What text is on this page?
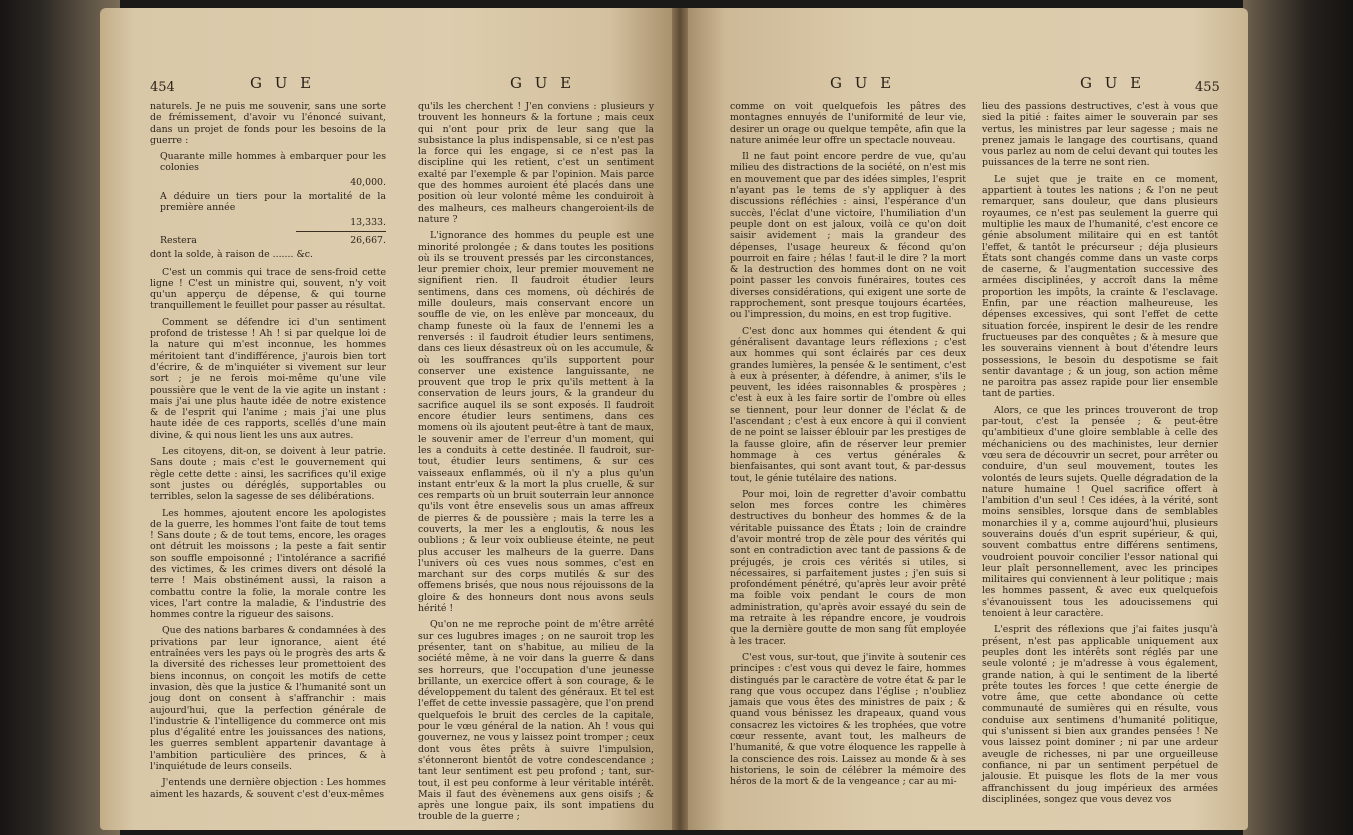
454	G U E	G U E

naturels. Je ne puis me souvenir, sans une sorte de frémissement, d'avoir vu l'énoncé suivant, dans un projet de fonds pour les besoins de la guerre :

Quarante mille hommes à embarquer pour les colonies
40,000.
A déduire un tiers pour la mortalité de la première année
13,333.
Restera	26,667.
dont la solde, à raison de ....... &c.

C'est un commis qui trace de sens-froid cette ligne ! C'est un ministre qui, souvent, n'y voit qu'un apperçu de dépense, & qui tourne tranquillement le feuillet pour passer au résultat.

Comment se défendre ici d'un sentiment profond de tristesse ! Ah ! si par quelque loi de la nature qui m'est inconnue, les hommes méritoient tant d'indifférence, j'aurois bien tort d'écrire, & de m'inquiéter si vivement sur leur sort ; je ne ferois moi-même qu'une vile poussière que le vent de la vie agite un instant : mais j'ai une plus haute idée de notre existence & de l'esprit qui l'anime ; mais j'ai une plus haute idée de ces rapports, scellés d'une main divine, & qui nous lient les uns aux autres.

Les citoyens, dit-on, se doivent à leur patrie. Sans doute ; mais c'est le gouvernement qui règle cette dette : ainsi, les sacrifices qu'il exige sont justes ou déréglés, supportables ou terribles, selon la sagesse de ses délibérations.

Les hommes, ajoutent encore les apologistes de la guerre, les hommes l'ont faite de tout tems ! Sans doute ; & de tout tems, encore, les orages ont détruit les moissons ; la peste a fait sentir son souffle empoisonné ; l'intolérance a sacrifié des victimes, & les crimes divers ont désolé la terre ! Mais obstinément aussi, la raison a combattu contre la folie, la morale contre les vices, l'art contre la maladie, & l'industrie des hommes contre la rigueur des saisons.

Que des nations barbares & condamnées à des privations par leur ignorance, aient été entraînées vers les pays où le progrès des arts & la diversité des richesses leur promettoient des biens inconnus, on conçoit les motifs de cette invasion, dès que la justice & l'humanité sont un joug dont on consent à s'affranchir : mais aujourd'hui, que la perfection générale de l'industrie & l'intelligence du commerce ont mis plus d'égalité entre les jouissances des nations, les guerres semblent appartenir davantage à l'ambition particulière des princes, & à l'inquiétude de leurs conseils.

J'entends une dernière objection : Les hommes aiment les hazards, & souvent c'est d'eux-mêmes

qu'ils les cherchent ! J'en conviens : plusieurs y trouvent les honneurs & la fortune ; mais ceux qui n'ont pour prix de leur sang que la subsistance la plus indispensable, si ce n'est pas la force qui les engage, si ce n'est pas la discipline qui les retient, c'est un sentiment exalté par l'exemple & par l'opinion. Mais parce que des hommes auroient été placés dans une position où leur volonté même les conduiroit à des malheurs, ces malheurs changeroient-ils de nature ?

L'ignorance des hommes du peuple est une minorité prolongée ; & dans toutes les positions où ils se trouvent pressés par les circonstances, leur premier choix, leur premier mouvement ne signifient rien. Il faudroit étudier leurs sentimens, dans ces momens, où déchirés de mille douleurs, mais conservant encore un souffle de vie, on les enlève par monceaux, du champ funeste où la faux de l'ennemi les a renversés : il faudroit étudier leurs sentimens, dans ces lieux désastreux où on les accumule, & où les souffrances qu'ils supportent pour conserver une existence languissante, ne prouvent que trop le prix qu'ils mettent à la conservation de leurs jours, & la grandeur du sacrifice auquel ils se sont exposés. Il faudroit encore étudier leurs sentimens, dans ces momens où ils ajoutent peut-être à tant de maux, le souvenir amer de l'erreur d'un moment, qui les a conduits à cette destinée. Il faudroit, sur-tout, étudier leurs sentimens, & sur ces vaisseaux enflammés, où il n'y a plus qu'un instant entr'eux & la mort la plus cruelle, & sur ces remparts où un bruit souterrain leur annonce qu'ils vont être ensevelis sous un amas affreux de pierres & de poussière ; mais la terre les a couverts, la mer les a engloutis, & nous les oublions ; & leur voix oublieuse éteinte, ne peut plus accuser les malheurs de la guerre. Dans l'univers où ces vues nous sommes, c'est en marchant sur des corps mutilés & sur des offemens brisés, que nous nous réjouissons de la gloire & des honneurs dont nous avons seuls hérité !

Qu'on ne me reproche point de m'être arrêté sur ces lugubres images ; on ne sauroit trop les présenter, tant on s'habitue, au milieu de la société même, à ne voir dans la guerre & dans ses horreurs, que l'occupation d'une jeunesse brillante, un exercice offert à son courage, & le développement du talent des généraux. Et tel est l'effet de cette invessie passagère, que l'on prend quelquefois le bruit des cercles de la capitale, pour le vœu général de la nation. Ah ! vous qui gouvernez, ne vous y laissez point tromper ; ceux dont vous êtes prêts à suivre l'impulsion, s'étonneront bientôt de votre condescendance ; tant leur sentiment est peu profond ; tant, sur-tout, il est peu conforme à leur véritable intérêt. Mais il faut des évènemens aux gens oisifs ; & après une longue paix, ils sont impatiens du trouble de la guerre ;

G U E	G U E	455

comme on voit quelquefois les pâtres des montagnes ennuyés de l'uniformité de leur vie, desirer un orage ou quelque tempête, afin que la nature animée leur offre un spectacle nouveau.

Il ne faut point encore perdre de vue, qu'au milieu des distractions de la société, on n'est mis en mouvement que par des idées simples, l'esprit n'ayant pas le tems de s'y appliquer à des discussions réfléchies : ainsi, l'espérance d'un succès, l'éclat d'une victoire, l'humiliation d'un peuple dont on est jaloux, voilà ce qu'on doit saisir avidement ; mais la grandeur des dépenses, l'usage heureux & fécond qu'on pourroit en faire ; hélas ! faut-il le dire ? la mort & la destruction des hommes dont on ne voit point passer les convois funéraires, toutes ces diverses considérations, qui exigent une sorte de rapprochement, sont presque toujours écartées, ou l'impression, du moins, en est trop fugitive.

C'est donc aux hommes qui étendent & qui généralisent davantage leurs réflexions ; c'est aux hommes qui sont éclairés par ces deux grandes lumières, la pensée & le sentiment, c'est à eux à présenter, à défendre, à animer, s'ils le peuvent, les idées raisonnables & prospères ; c'est à eux à les faire sortir de l'ombre où elles se tiennent, pour leur donner de l'éclat & de l'ascendant ; c'est à eux encore à qui il convient de ne point se laisser éblouir par les prestiges de la fausse gloire, afin de réserver leur premier hommage à ces vertus générales & bienfaisantes, qui sont avant tout, & par-dessus tout, le génie tutélaire des nations.

Pour moi, loin de regretter d'avoir combattu selon mes forces contre les chimères destructives du bonheur des hommes & de la véritable puissance des États ; loin de craindre d'avoir montré trop de zèle pour des vérités qui sont en contradiction avec tant de passions & de préjugés, je crois ces vérités si utiles, si nécessaires, si parfaitement justes ; j'en suis si profondément pénétré, qu'après leur avoir prêté ma foible voix pendant le cours de mon administration, qu'après avoir essayé du sein de ma retraite à les répandre encore, je voudrois que la dernière goutte de mon sang fût employée à les tracer.

C'est vous, sur-tout, que j'invite à soutenir ces principes : c'est vous qui devez le faire, hommes distingués par le caractère de votre état & par le rang que vous occupez dans l'église ; n'oubliez jamais que vous êtes des ministres de paix ; & quand vous bénissez les drapeaux, quand vous consacrez les victoires & les trophées, que votre cœur ressente, avant tout, les malheurs de l'humanité, & que votre éloquence les rappelle à la conscience des rois. Laissez au monde & à ses historiens, le soin de célébrer la mémoire des héros de la mort & de la vengeance ; car au mi-

lieu des passions destructives, c'est à vous que sied la pitié : faites aimer le souverain par ses vertus, les ministres par leur sagesse ; mais ne prenez jamais le langage des courtisans, quand vous parlez au nom de celui devant qui toutes les puissances de la terre ne sont rien.

Le sujet que je traite en ce moment, appartient à toutes les nations ; & l'on ne peut remarquer, sans douleur, que dans plusieurs royaumes, ce n'est pas seulement la guerre qui multiplie les maux de l'humanité, c'est encore ce génie absolument militaire qui en est tantôt l'effet, & tantôt le précurseur ; déja plusieurs États sont changés comme dans un vaste corps de caserne, & l'augmentation successive des armées disciplinées, y accroît dans la même proportion les impôts, la crainte & l'esclavage. Enfin, par une réaction malheureuse, les dépenses excessives, qui sont l'effet de cette situation forcée, inspirent le desir de les rendre fructueuses par des conquêtes ; & à mesure que les souverains viennent à bout d'étendre leurs possessions, le besoin du despotisme se fait sentir davantage ; & un joug, son action même ne paroitra pas assez rapide pour lier ensemble tant de parties.

Alors, ce que les princes trouveront de trop par-tout, c'est la pensée ; & peut-être qu'ambitieux d'une gloire semblable à celle des méchaniciens ou des machinistes, leur dernier vœu sera de découvrir un secret, pour arrêter ou conduire, d'un seul mouvement, toutes les volontés de leurs sujets. Quelle dégradation de la nature humaine ! Quel sacrifice offert à l'ambition d'un seul ! Ces idées, à la vérité, sont moins sensibles, lorsque dans de semblables monarchies il y a, comme aujourd'hui, plusieurs souverains doués d'un esprit supérieur, & qui, souvent combattus entre différens sentimens, voudroient pouvoir concilier l'essor national qui leur plaît personnellement, avec les principes militaires qui conviennent à leur politique ; mais les hommes passent, & avec eux quelquefois s'évanouissent tous les adoucissemens qui tenoient à leur caractère.

L'esprit des réflexions que j'ai faites jusqu'à présent, n'est pas applicable uniquement aux peuples dont les intérêts sont réglés par une seule volonté ; je m'adresse à vous également, grande nation, à qui le sentiment de la liberté prête toutes les forces ! que cette énergie de votre âme, que cette abondance où cette communauté de sumières qui en résulte, vous conduise aux sentimens d'humanité politique, qui s'unissent si bien aux grandes pensées ! Ne vous laissez point dominer ; ni par une ardeur aveugle de richesses, ni par une orgueilleuse confiance, ni par un sentiment perpétuel de jalousie. Et puisque les flots de la mer vous affranchissent du joug impérieux des armées disciplinées, songez que vous devez vos
